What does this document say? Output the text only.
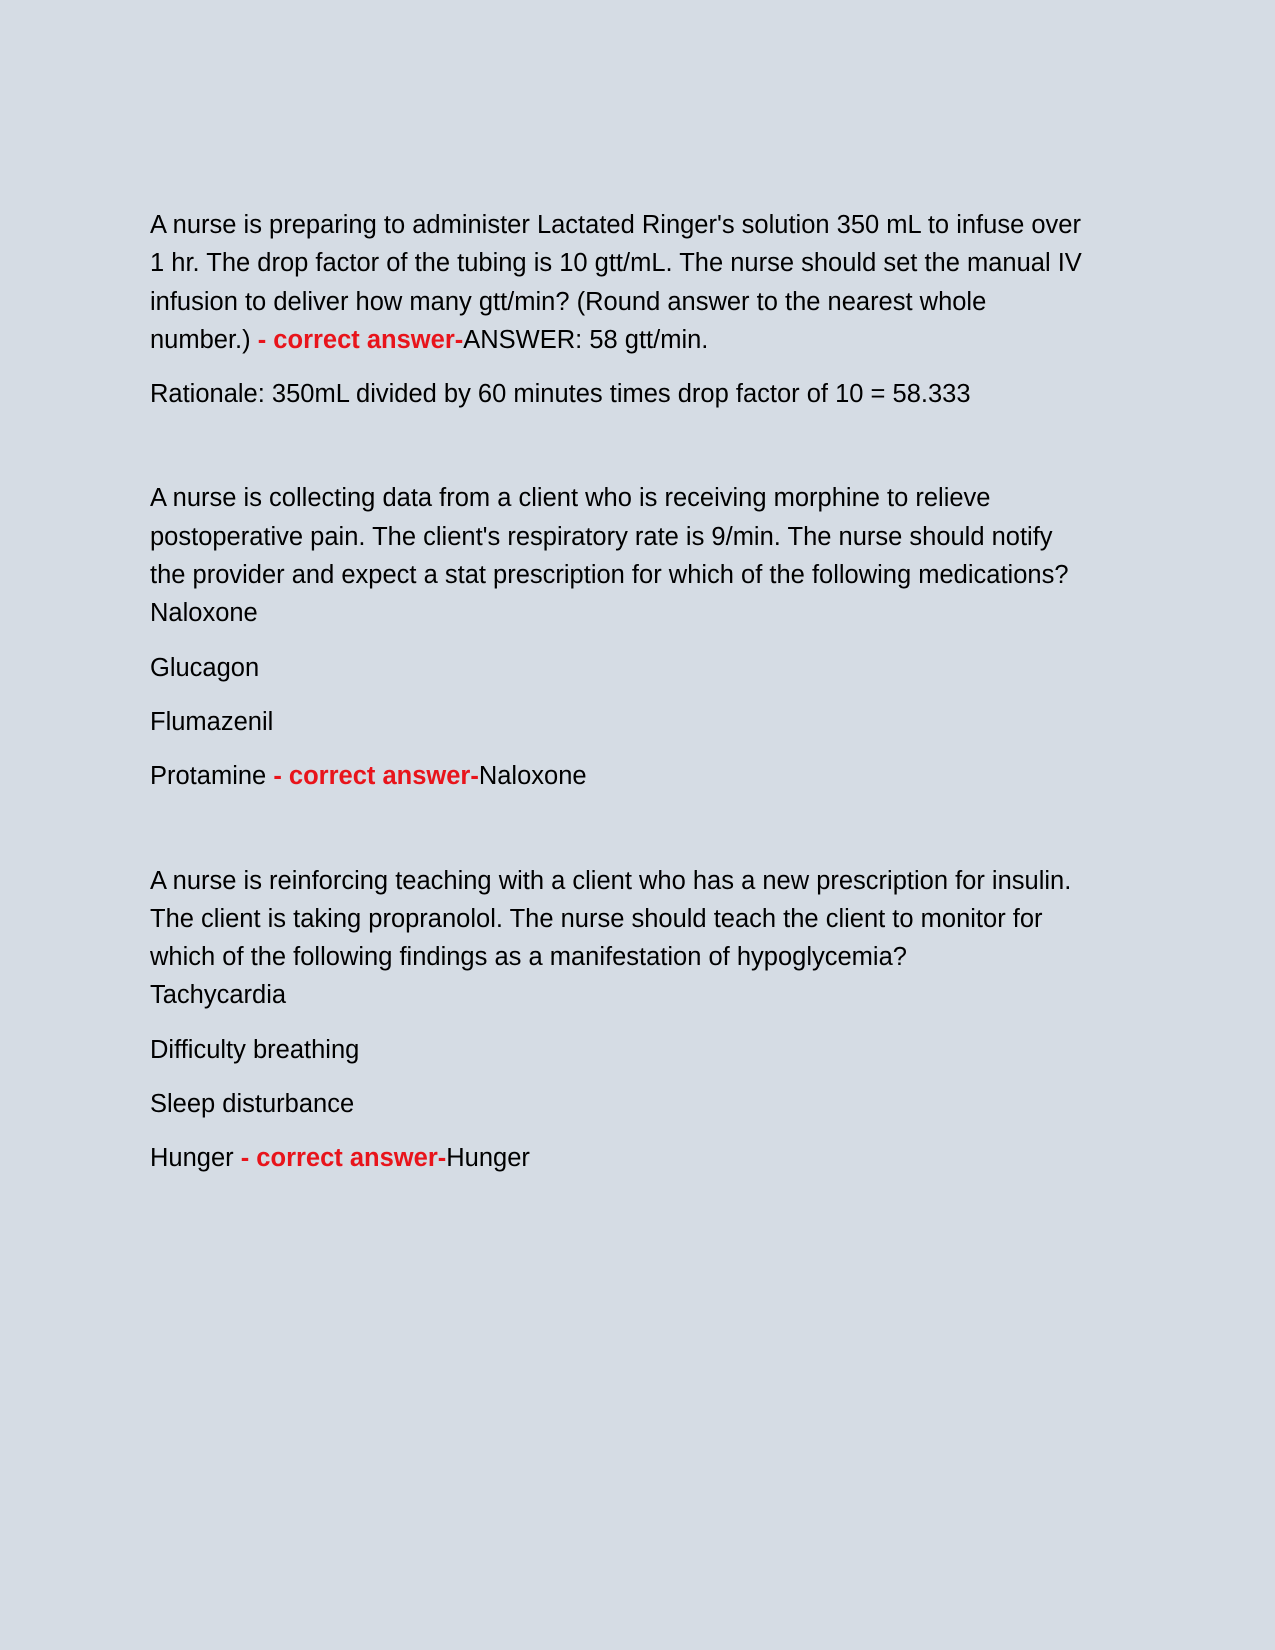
A nurse is preparing to administer Lactated Ringer's solution 350 mL to infuse over 1 hr. The drop factor of the tubing is 10 gtt/mL. The nurse should set the manual IV infusion to deliver how many gtt/min? (Round answer to the nearest whole number.) - correct answer-ANSWER: 58 gtt/min.

Rationale: 350mL divided by 60 minutes times drop factor of 10 = 58.333

A nurse is collecting data from a client who is receiving morphine to relieve postoperative pain. The client's respiratory rate is 9/min. The nurse should notify the provider and expect a stat prescription for which of the following medications?

Naloxone

Glucagon

Flumazenil

Protamine - correct answer-Naloxone

A nurse is reinforcing teaching with a client who has a new prescription for insulin. The client is taking propranolol. The nurse should teach the client to monitor for which of the following findings as a manifestation of hypoglycemia?

Tachycardia

Difficulty breathing

Sleep disturbance

Hunger - correct answer-Hunger
